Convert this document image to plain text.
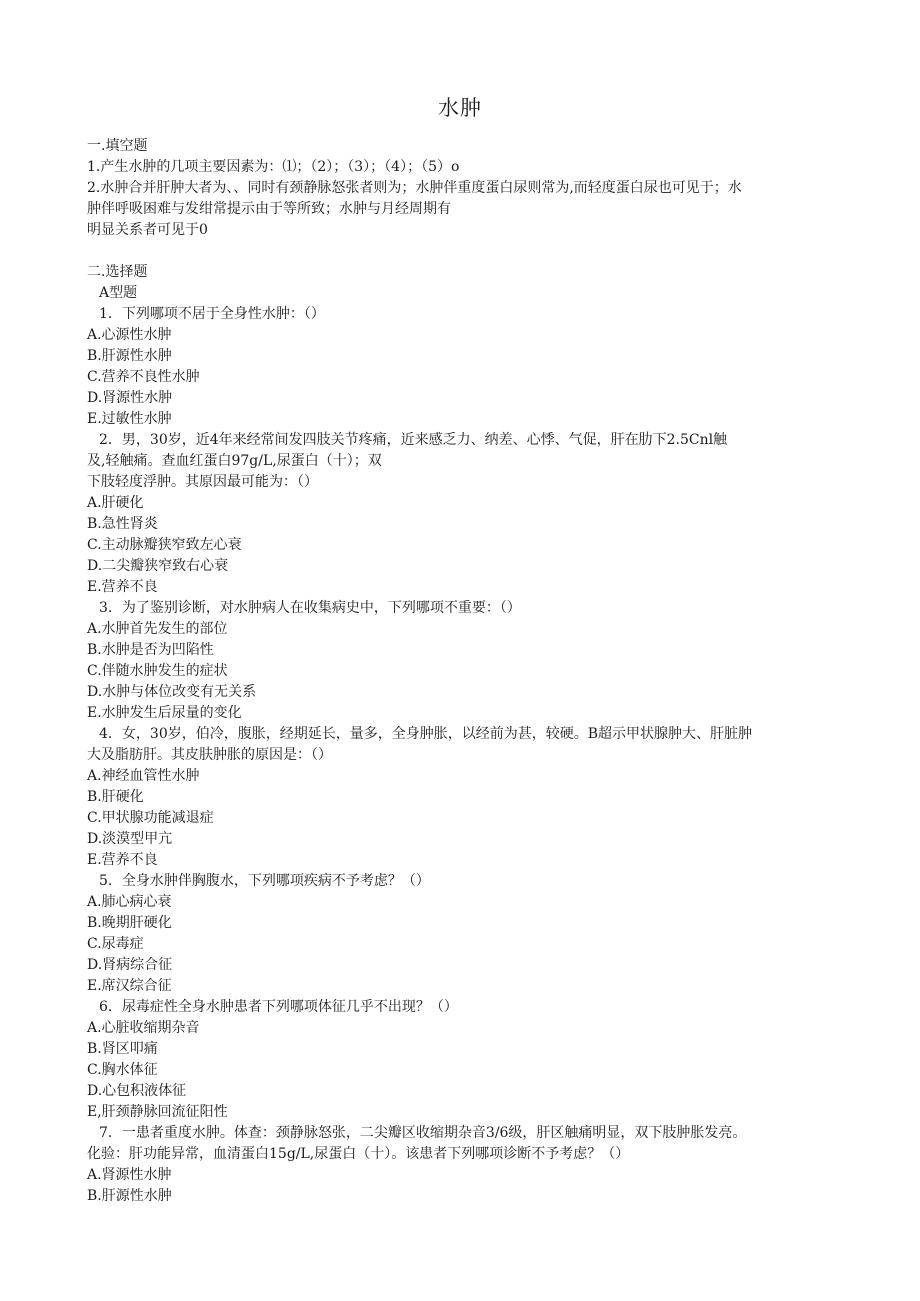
水肿
一.填空题
1.产生水肿的几项主要因素为：⑴；（2）；（3）；（4）；（5）o
2.水肿合并肝肿大者为、、同时有颈静脉怒张者则为；水肿伴重度蛋白尿则常为,而轻度蛋白尿也可见于；水
肿伴呼吸困难与发绀常提示由于等所致；水肿与月经周期有
明显关系者可见于0
二.选择题
A型题
1．下列哪项不居于全身性水肿：（）
A.心源性水肿
B.肝源性水肿
C.营养不良性水肿
D.肾源性水肿
E.过敏性水肿
2．男，30岁，近4年来经常间发四肢关节疼痛，近来感乏力、纳差、心悸、气促，肝在肋下2.5Cnl触
及,轻触痛。查血红蛋白97g/L,尿蛋白（十）；双
下肢轻度浮肿。其原因最可能为：（）
A.肝硬化
B.急性肾炎
C.主动脉瓣狭窄致左心衰
D.二尖瓣狭窄致右心衰
E.营养不良
3．为了鉴别诊断，对水肿病人在收集病史中，下列哪项不重要：（）
A.水肿首先发生的部位
B.水肿是否为凹陷性
C.伴随水肿发生的症状
D.水肿与体位改变有无关系
E.水肿发生后尿量的变化
4．女，30岁，伯冷，腹胀，经期延长，量多，全身肿胀，以经前为甚，较硬。B超示甲状腺肿大、肝脏肿
大及脂肪肝。其皮肤肿胀的原因是：（）
A.神经血管性水肿
B.肝硬化
C.甲状腺功能减退症
D.淡漠型甲亢
E.营养不良
5．全身水肿伴胸腹水，下列哪项疾病不予考虑？（）
A.肺心病心衰
B.晚期肝硬化
C.尿毒症
D.肾病综合征
E.席汉综合征
6．尿毒症性全身水肿患者下列哪项体征几乎不出现？（）
A.心脏收缩期杂音
B.肾区叩痛
C.胸水体征
D.心包积液体征
E,肝颈静脉回流征阳性
7．一患者重度水肿。体查：颈静脉怒张，二尖瓣区收缩期杂音3/6级，肝区触痛明显，双下肢肿胀发亮。
化验：肝功能异常，血清蛋白15g/L,尿蛋白（十）。该患者下列哪项诊断不予考虑？（）
A.肾源性水肿
B.肝源性水肿
